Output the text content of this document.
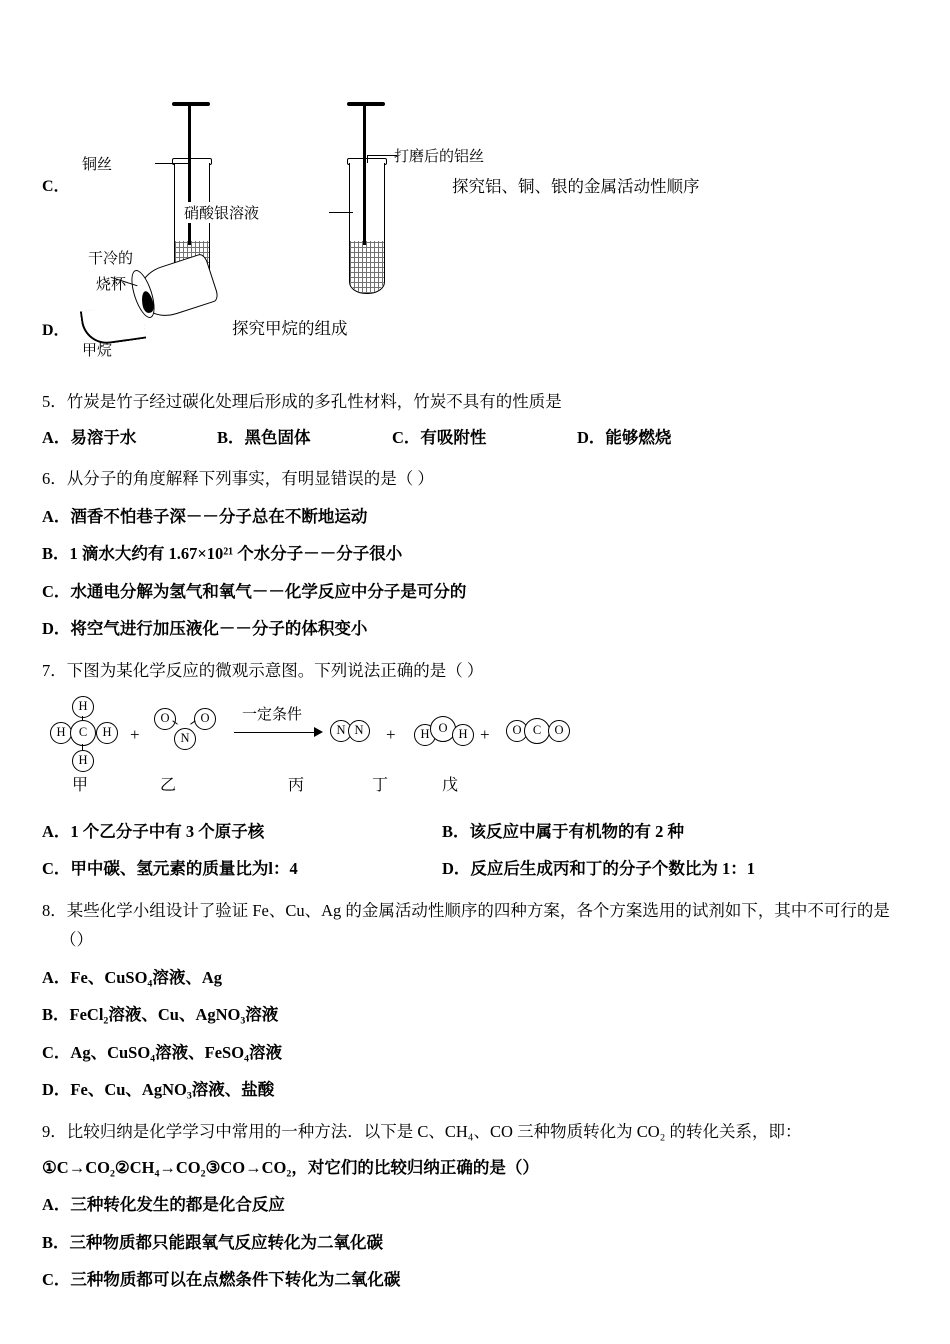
C．
铜丝
硝酸银溶液
打磨后的铝丝
探究铝、铜、银的金属活动性顺序
D．
干冷的
烧杯
甲烷
探究甲烷的组成
5．竹炭是竹子经过碳化处理后形成的多孔性材料，竹炭不具有的性质是
A．易溶于水	B．黑色固体	C．有吸附性	D．能够燃烧
6．从分子的角度解释下列事实，有明显错误的是（ ）
A．酒香不怕巷子深－－分子总在不断地运动
B．1 滴水大约有 1.67×10²¹ 个水分子－－分子很小
C．水通电分解为氢气和氧气－－化学反应中分子是可分的
D．将空气进行加压液化－－分子的体积变小
7．下图为某化学反应的微观示意图。下列说法正确的是（ ）
H
H	C	H
H
+
O	O
N
一定条件
N N	+	H O H +	O C	O
甲	乙	丙	丁	戊
A．1 个乙分子中有 3 个原子核	B．该反应中属于有机物的有 2 种
C．甲中碳、氢元素的质量比为l：4	D．反应后生成丙和丁的分子个数比为 1：1
8．某些化学小组设计了验证 Fe、Cu、Ag 的金属活动性顺序的四种方案，各个方案选用的试剂如下，其中不可行的是
（）
A．Fe、CuSO₄溶液、Ag
B．FeCl₂溶液、Cu、AgNO₃溶液
C．Ag、CuSO₄溶液、FeSO₄溶液
D．Fe、Cu、AgNO₃溶液、盐酸
9．比较归纳是化学学习中常用的一种方法．以下是 C、CH₄、CO 三种物质转化为 CO₂ 的转化关系，即：
①C→CO₂②CH₄→CO₂③CO→CO₂，对它们的比较归纳正确的是（）
A．三种转化发生的都是化合反应
B．三种物质都只能跟氧气反应转化为二氧化碳
C．三种物质都可以在点燃条件下转化为二氧化碳
